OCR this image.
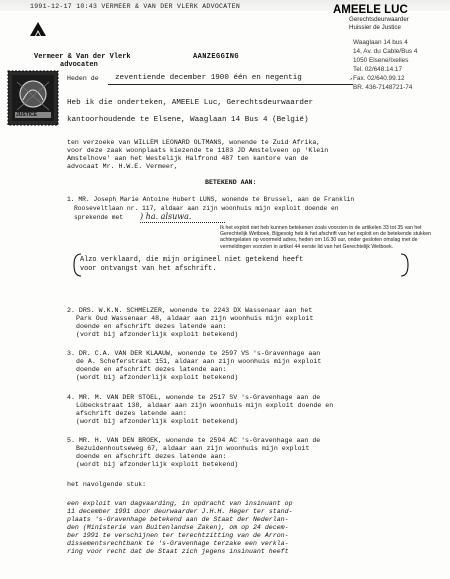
1991-12-17 10:43 VERMEER & VAN DER VLERK ADVOCATEN	AMEELE LUC
Gerechtsdeurwaarder
Huissier de Justice
Waaglaan 14 bus 4
14, Av. du Cable/Bus 4
1050 Elsene/Ixelles
Tel. 02/648.14.17
Fax. 02/640.99.12
BR. 436-7148721-74
Vermeer & Van der Vlerk
advocaten
AANZEGGING
JUSTICE
Heden de zeventiende december 1900 één en negentig	,
Heb ik die onderteken, AMEELE Luc, Gerechtsdeurwaarder
kantoorhoudende te Elsene, Waaglaan 14 Bus 4 (België)
ten verzoeke van WILLEM LEONARD OLTMANS, wonende te Zuid Afrika,
voor deze zaak woonplaats kiezende te 1183 JD Amstelveen op 'Klein
Amstelhove' aan het Westelijk Halfrond 487 ten kantore van de
advocaat Mr. H.W.E. Vermeer,
BETEKEND AAN:
1. MR. Joseph Marie Antoine Hubert LUNS, wonende te Brussel, aan de Franklin
Rooseveltlaan nr. 117, aldaar aan zijn woonhuis mijn exploit doende en
sprekende met ) ha. alsuwa.
Ik het exploit niet heb kunnen betekenen zoals voorzien in de artikelen 33 tot 35 van het Gerechtelijk Wetboek, Bijgevolg heb ik het afschrift van het exploit en de betekende stukken achtergelaten op voormeld adres, heden om 16.30 uur, onder gesloten omslag met de vermeldingen voorzien in artikel 44 eerste lid van het Gerechtelijk Wetboek.
Alzo verklaard, die mijn origineel niet getekend heeft
voor ontvangst van het afschrift.
2. DRS. W.K.N. SCHMELZER, wonende te 2243 DX Wassenaar aan het
Park Oud Wassenaar 48, aldaar aan zijn woonhuis mijn exploit
doende en afschrift dezes latende aan:
(vordt bij afzonderlijk exploit betekend)
3. DR. C.A. VAN DER KLAAUW, wonende te 2597 VS 's-Gravenhage aan
de A. Scheferstraat 151, aldaar aan zijn woonhuis mijn exploit
doende en afschrift dezes latende aan:
(wordt bij afzonderlijk exploit betekend)
4. MR. M. VAN DER STOEL, wonende te 2517 SV 's-Gravenhage aan de
Lübeckstraat 138, aldaar aan zijn woonhuis mijn exploit doende en
afschrift dezes latende aan:
(wordt bij afzonderlijk exploit betekend)
5. MR. H. VAN DEN BROEK, wonende te 2594 AC 's-Gravenhage aan de
Bezuidenhoutseweg 67, aldaar aan zijn woonhuis mijn exploit
doende en afschrift dezes latende aan:
(wordt bij afzonderlijk exploit betekend)
het navolgende stuk:
een exploit van dagvaarding, in opdracht van insinuant op
11 december 1991 door deurwaarder J.H.H. Heger ter stand-
plaats 's-Gravenhage betekend aan de Staat der Nederlan-
den (Ministerie van Buitenlandse Zaken), om op 24 decem-
ber 1991 te verschijnen ter terechtzitting van de Arron-
dissementsrechtbank te 's-Gravenhage terzake een verkla-
ring voor recht dat de Staat zich jegens insinuant heeft
